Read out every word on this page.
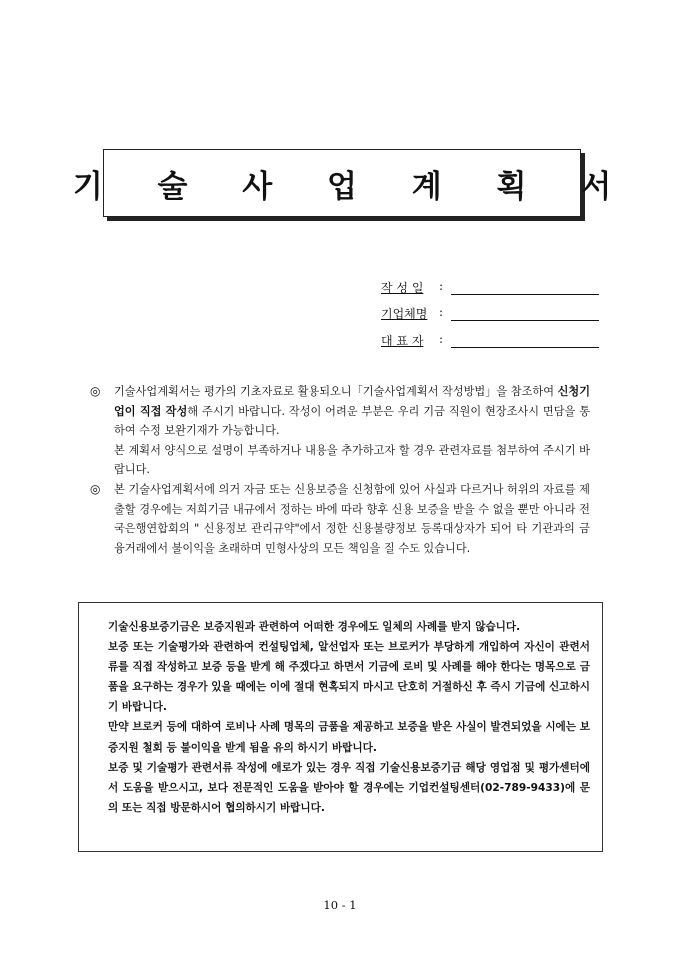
기 술 사 업 계 획 서
작 성 일 :
기업체명 :
대 표 자 :
◎ 기술사업계획서는 평가의 기초자료로 활용되오니「기술사업계획서 작성방법」을 참조하여 신청기업이 직접 작성해 주시기 바랍니다. 작성이 어려운 부분은 우리 기금 직원이 현장조사시 면담을 통하여 수정 보완기재가 가능합니다.

본 계획서 양식으로 설명이 부족하거나 내용을 추가하고자 할 경우 관련자료를 첨부하여 주시기 바랍니다.

◎ 본 기술사업계획서에 의거 자금 또는 신용보증을 신청함에 있어 사실과 다르거나 허위의 자료를 제출할 경우에는 저희기금 내규에서 정하는 바에 따라 향후 신용 보증을 받을 수 없을 뿐만 아니라 전국은행연합회의 " 신용정보 관리규약"에서 정한 신용불량정보 등록대상자가 되어 타 기관과의 금융거래에서 불이익을 초래하며 민형사상의 모든 책임을 질 수도 있습니다.

기술신용보증기금은 보증지원과 관련하여 어떠한 경우에도 일체의 사례를 받지 않습니다.

보증 또는 기술평가와 관련하여 컨설팅업체, 알선업자 또는 브로커가 부당하게 개입하여 자신이 관련서류를 직접 작성하고 보증 등을 받게 해 주겠다고 하면서 기금에 로비 및 사례를 해야 한다는 명목으로 금품을 요구하는 경우가 있을 때에는 이에 절대 현혹되지 마시고 단호히 거절하신 후 즉시 기금에 신고하시기 바랍니다.

만약 브로커 등에 대하여 로비나 사례 명목의 금품을 제공하고 보증을 받은 사실이 발견되었을 시에는 보증지원 철회 등 불이익을 받게 됨을 유의 하시기 바랍니다.

보증 및 기술평가 관련서류 작성에 애로가 있는 경우 직접 기술신용보증기금 해당 영업점 및 평가센터에서 도움을 받으시고, 보다 전문적인 도움을 받아야 할 경우에는 기업컨설팅센터(02-789-9433)에 문의 또는 직접 방문하시어 협의하시기 바랍니다.

10 - 1
